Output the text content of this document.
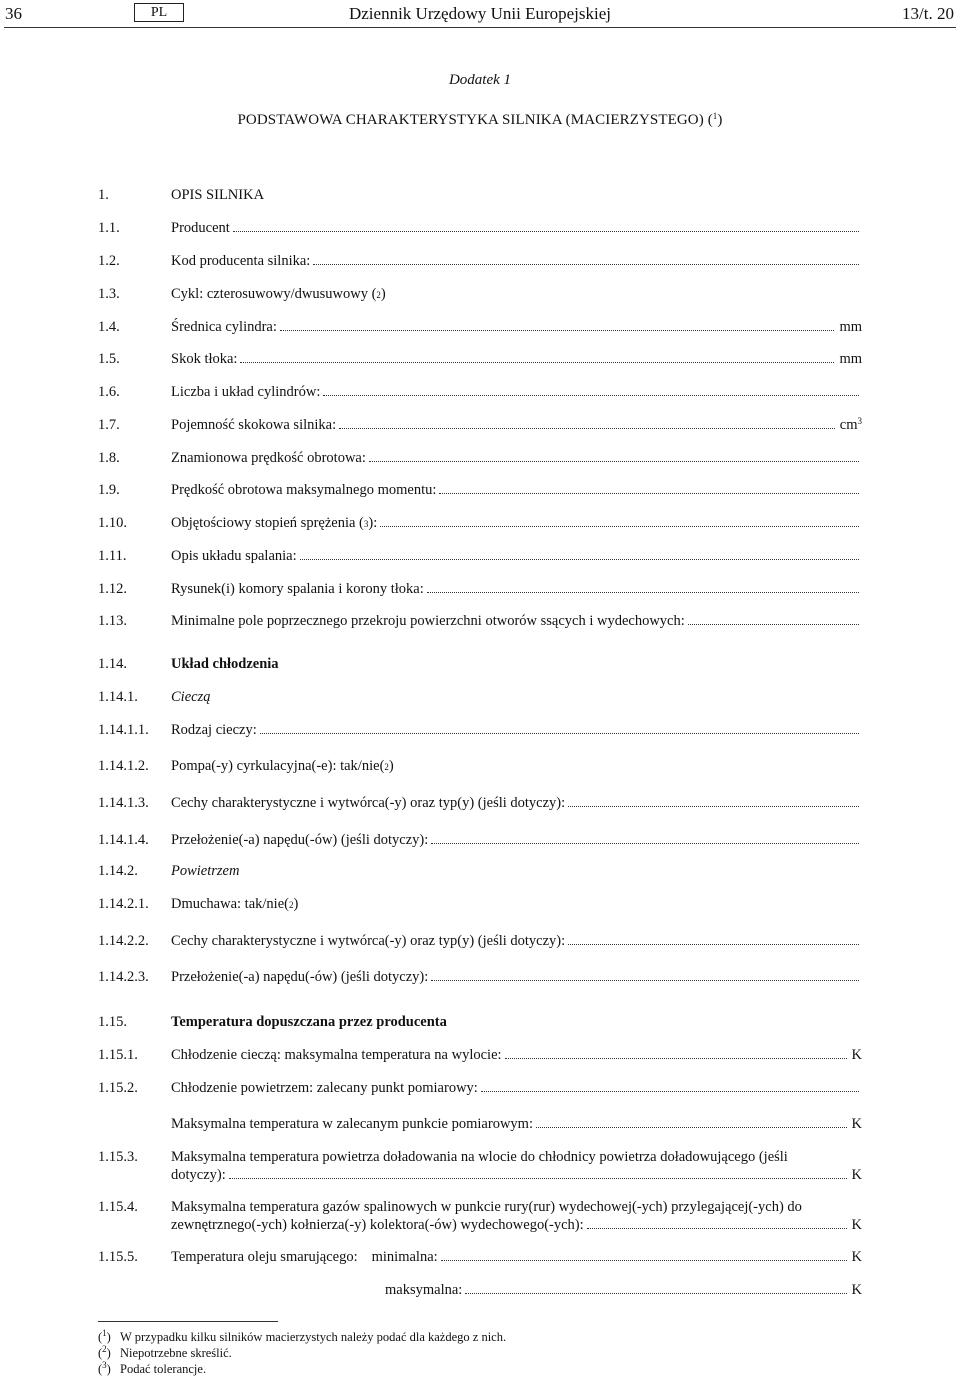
36	PL	Dziennik Urzędowy Unii Europejskiej	13/t. 20
Dodatek 1
PODSTAWOWA CHARAKTERYSTYKA SILNIKA (MACIERZYSTEGO) ($^1$)
1.	OPIS SILNIKA
1.1.	Producent
1.2.	Kod producenta silnika:
1.3.	Cykl: czterosuwowy/dwusuwowy ( 2 )
1.4.	Średnica cylindra:	mm
1.5.	Skok tłoka:	mm
1.6.	Liczba i układ cylindrów:
1.7.	Pojemność skokowa silnika:	$cm^3$
1.8.	Znamionowa prędkość obrotowa:
1.9.	Prędkość obrotowa maksymalnego momentu:
1.10.	Objętościowy stopień sprężenia ( 3 ):
1.11.	Opis układu spalania:
1.12.	Rysunek(i) komory spalania i korony tłoka:
1.13.	Minimalne pole poprzecznego przekroju powierzchni otworów ssących i wydechowych:
1.14.	Układ chłodzenia
1.14.1. Cieczą
1.14.1.1. Rodzaj cieczy:
1.14.1.2. Pompa(-y) cyrkulacyjna(-e): tak/nie ( 2 )
1.14.1.3. Cechy charakterystyczne i wytwórca(-y) oraz typ(y) (jeśli dotyczy):
1.14.1.4. Przełożenie(-a) napędu(-ów) (jeśli dotyczy):
1.14.2. Powietrzem
1.14.2.1. Dmuchawa: tak/nie ( 2 )
1.14.2.2. Cechy charakterystyczne i wytwórca(-y) oraz typ(y) (jeśli dotyczy):
1.14.2.3. Przełożenie(-a) napędu(-ów) (jeśli dotyczy):
1.15.	Temperatura dopuszczana przez producenta
1.15.1. Chłodzenie cieczą: maksymalna temperatura na wylocie:	K
1.15.2. Chłodzenie powietrzem: zalecany punkt pomiarowy:
Maksymalna temperatura w zalecanym punkcie pomiarowym:	K
1.15.3. Maksymalna temperatura powietrza doładowania na wlocie do chłodnicy powietrza doładowującego (jeśli
dotyczy):	K
1.15.4. Maksymalna temperatura gazów spalinowych w punkcie rury(rur) wydechowej(-ych) przylegającej(-ych) do
zewnętrznego(-ych) kołnierza(-y) kolektora(-ów) wydechowego(-ych):	K
1.15.5. Temperatura oleju smarującego: minimalna:	K
maksymalna:	K
($^1$) W przypadku kilku silników macierzystych należy podać dla każdego z nich.
($^2$) Niepotrzebne skreślić.
($^3$) Podać tolerancje.
